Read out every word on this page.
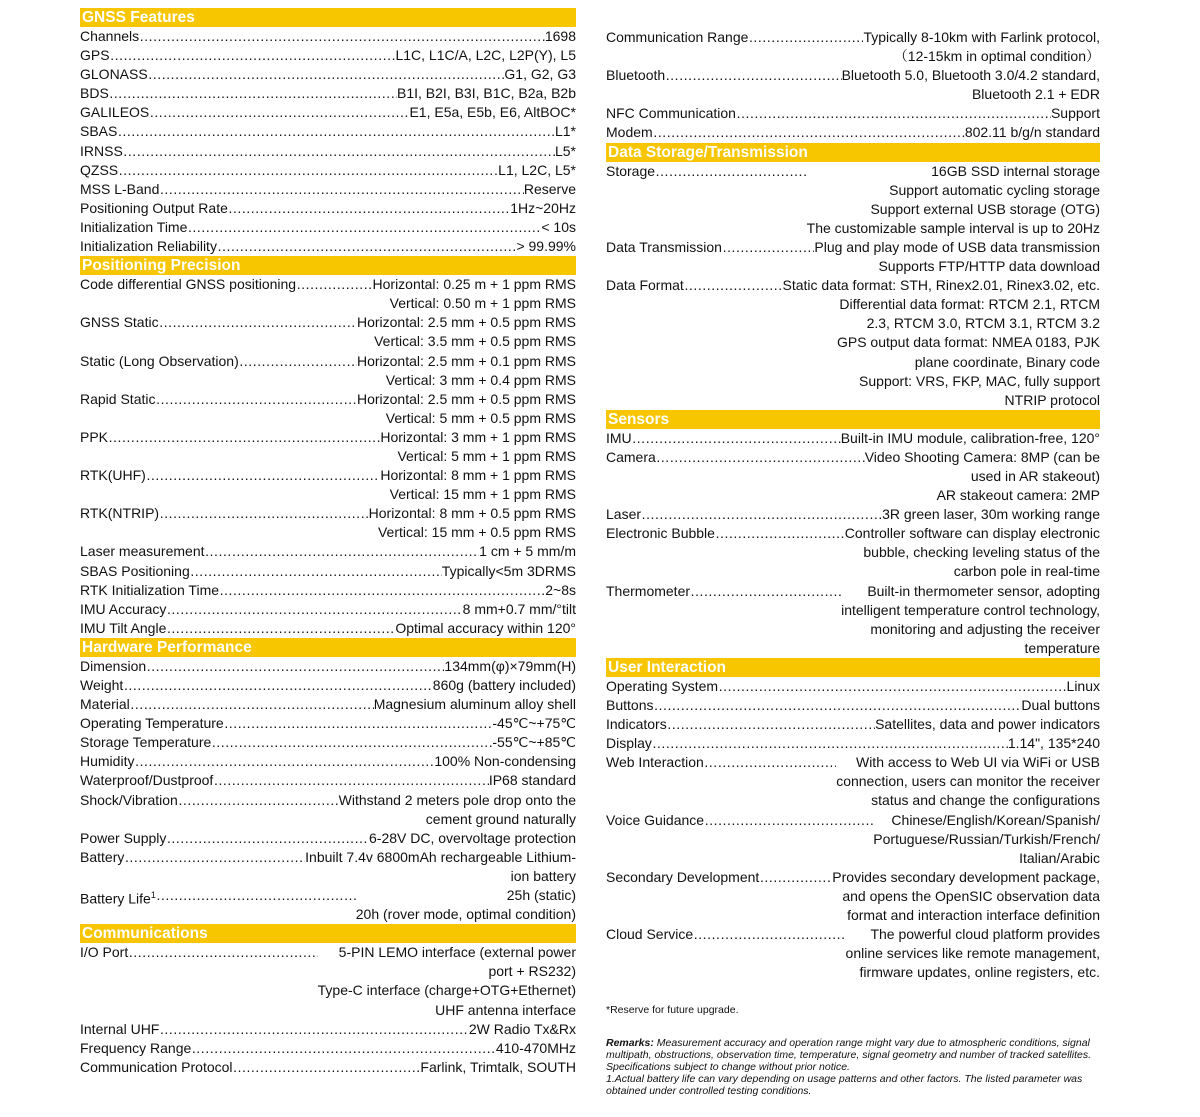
GNSS Features
Channels ……………………………………………………………………………………………………………………………………………………………………	1698
GPS ……………………………………………………………………………………………………………………………………………………………………	L1C, L1C/A, L2C, L2P(Y), L5
GLONASS ……………………………………………………………………………………………………………………………………………………………………	G1, G2, G3
BDS ……………………………………………………………………………………………………………………………………………………………………	B1I, B2I, B3I, B1C, B2a, B2b
GALILEOS ……………………………………………………………………………………………………………………………………………………………………	E1, E5a, E5b, E6, AltBOC*
SBAS ……………………………………………………………………………………………………………………………………………………………………	L1*
IRNSS ……………………………………………………………………………………………………………………………………………………………………	L5*
QZSS ……………………………………………………………………………………………………………………………………………………………………	L1, L2C, L5*
MSS L-Band ……………………………………………………………………………………………………………………………………………………………………	Reserve
Positioning Output Rate ……………………………………………………………………………………………………………………………………………………………………	1Hz~20Hz
Initialization Time ……………………………………………………………………………………………………………………………………………………………………	< 10s
Initialization Reliability ……………………………………………………………………………………………………………………………………………………………………	> 99.99%
Positioning Precision
Code differential GNSS positioning ……………………………………………………………………………………………………………………………………………………………………	Horizontal: 0.25 m + 1 ppm RMS
Vertical: 0.50 m + 1 ppm RMS
GNSS Static ……………………………………………………………………………………………………………………………………………………………………	Horizontal: 2.5 mm + 0.5 ppm RMS
Vertical: 3.5 mm + 0.5 ppm RMS
Static (Long Observation) ……………………………………………………………………………………………………………………………………………………………………	Horizontal: 2.5 mm + 0.1 ppm RMS
Vertical: 3 mm + 0.4 ppm RMS
Rapid Static ……………………………………………………………………………………………………………………………………………………………………	Horizontal: 2.5 mm + 0.5 ppm RMS
Vertical: 5 mm + 0.5 ppm RMS
PPK ……………………………………………………………………………………………………………………………………………………………………	Horizontal: 3 mm + 1 ppm RMS
Vertical: 5 mm + 1 ppm RMS
RTK(UHF) ……………………………………………………………………………………………………………………………………………………………………	Horizontal: 8 mm + 1 ppm RMS
Vertical: 15 mm + 1 ppm RMS
RTK(NTRIP) ……………………………………………………………………………………………………………………………………………………………………	Horizontal: 8 mm + 0.5 ppm RMS
Vertical: 15 mm + 0.5 ppm RMS
Laser measurement ……………………………………………………………………………………………………………………………………………………………………	1 cm + 5 mm/m
SBAS Positioning ……………………………………………………………………………………………………………………………………………………………………	Typically<5m 3DRMS
RTK Initialization Time ……………………………………………………………………………………………………………………………………………………………………	2~8s
IMU Accuracy ……………………………………………………………………………………………………………………………………………………………………	8 mm+0.7 mm/°tilt
IMU Tilt Angle ……………………………………………………………………………………………………………………………………………………………………	Optimal accuracy within 120°
Hardware Performance
Dimension ……………………………………………………………………………………………………………………………………………………………………	134mm(φ)×79mm(H)
Weight ……………………………………………………………………………………………………………………………………………………………………	860g (battery included)
Material ……………………………………………………………………………………………………………………………………………………………………	Magnesium aluminum alloy shell
Operating Temperature ……………………………………………………………………………………………………………………………………………………………………	-45℃~+75℃
Storage Temperature ……………………………………………………………………………………………………………………………………………………………………	-55℃~+85℃
Humidity ……………………………………………………………………………………………………………………………………………………………………	100% Non-condensing
Waterproof/Dustproof ……………………………………………………………………………………………………………………………………………………………………	IP68 standard
Shock/Vibration ……………………………………………………………………………………………………………………………………………………………………	Withstand 2 meters pole drop onto the
cement ground naturally
Power Supply ……………………………………………………………………………………………………………………………………………………………………	6-28V DC, overvoltage protection
Battery ……………………………………………………………………………………………………………………………………………………………………	Inbuilt 7.4v 6800mAh rechargeable Lithium-
ion battery
Battery Life$^1$ ……………………………………………………………………………………………………………………………………………………………………	25h (static)
20h (rover mode, optimal condition)
Communications
I/O Port ……………………………………………………………………………………………………………………………………………………………………	5-PIN LEMO interface (external power
port + RS232)
Type-C interface (charge+OTG+Ethernet)
UHF antenna interface
Internal UHF ……………………………………………………………………………………………………………………………………………………………………	2W Radio Tx&Rx
Frequency Range ……………………………………………………………………………………………………………………………………………………………………	410-470MHz
Communication Protocol ……………………………………………………………………………………………………………………………………………………………………	Farlink, Trimtalk, SOUTH
Communication Range ……………………………………………………………………………………………………………………………………………………………………	Typically 8-10km with Farlink protocol,
（12-15km in optimal condition）
Bluetooth ……………………………………………………………………………………………………………………………………………………………………	Bluetooth 5.0, Bluetooth 3.0/4.2 standard,
Bluetooth 2.1 + EDR
NFC Communication ……………………………………………………………………………………………………………………………………………………………………	Support
Modem ……………………………………………………………………………………………………………………………………………………………………	802.11 b/g/n standard
Data Storage/Transmission
Storage ……………………………………………………………………………………………………………………………………………………………………	16GB SSD internal storage
Support automatic cycling storage
Support external USB storage (OTG)
The customizable sample interval is up to 20Hz
Data Transmission ……………………………………………………………………………………………………………………………………………………………………	Plug and play mode of USB data transmission
Supports FTP/HTTP data download
Data Format ……………………………………………………………………………………………………………………………………………………………………	Static data format: STH, Rinex2.01, Rinex3.02, etc.
Differential data format: RTCM 2.1, RTCM
2.3, RTCM 3.0, RTCM 3.1, RTCM 3.2
GPS output data format: NMEA 0183, PJK
plane coordinate, Binary code
Support: VRS, FKP, MAC, fully support
NTRIP protocol
Sensors
IMU ……………………………………………………………………………………………………………………………………………………………………	Built-in IMU module, calibration-free, 120°
Camera ……………………………………………………………………………………………………………………………………………………………………	Video Shooting Camera: 8MP (can be
used in AR stakeout)
AR stakeout camera: 2MP
Laser ……………………………………………………………………………………………………………………………………………………………………	3R green laser, 30m working range
Electronic Bubble ……………………………………………………………………………………………………………………………………………………………………	Controller software can display electronic
bubble, checking leveling status of the
carbon pole in real-time
Thermometer ……………………………………………………………………………………………………………………………………………………………………	Built-in thermometer sensor, adopting
intelligent temperature control technology,
monitoring and adjusting the receiver
temperature
User Interaction
Operating System ……………………………………………………………………………………………………………………………………………………………………	Linux
Buttons ……………………………………………………………………………………………………………………………………………………………………	Dual buttons
Indicators ……………………………………………………………………………………………………………………………………………………………………	Satellites, data and power indicators
Display ……………………………………………………………………………………………………………………………………………………………………	1.14", 135*240
Web Interaction ……………………………………………………………………………………………………………………………………………………………………	With access to Web UI via WiFi or USB
connection, users can monitor the receiver
status and change the configurations
Voice Guidance ……………………………………………………………………………………………………………………………………………………………………	Chinese/English/Korean/Spanish/
Portuguese/Russian/Turkish/French/
Italian/Arabic
Secondary Development ……………………………………………………………………………………………………………………………………………………………………	Provides secondary development package,
and opens the OpenSIC observation data
format and interaction interface definition
Cloud Service ……………………………………………………………………………………………………………………………………………………………………	The powerful cloud platform provides
online services like remote management,
firmware updates, online registers, etc.

*Reserve for future upgrade.

Remarks: Measurement accuracy and operation range might vary due to atmospheric conditions, signal multipath, obstructions, observation time, temperature, signal geometry and number of tracked satellites. Specifications subject to change without prior notice.
1.Actual battery life can vary depending on usage patterns and other factors. The listed parameter was obtained under controlled testing conditions.
